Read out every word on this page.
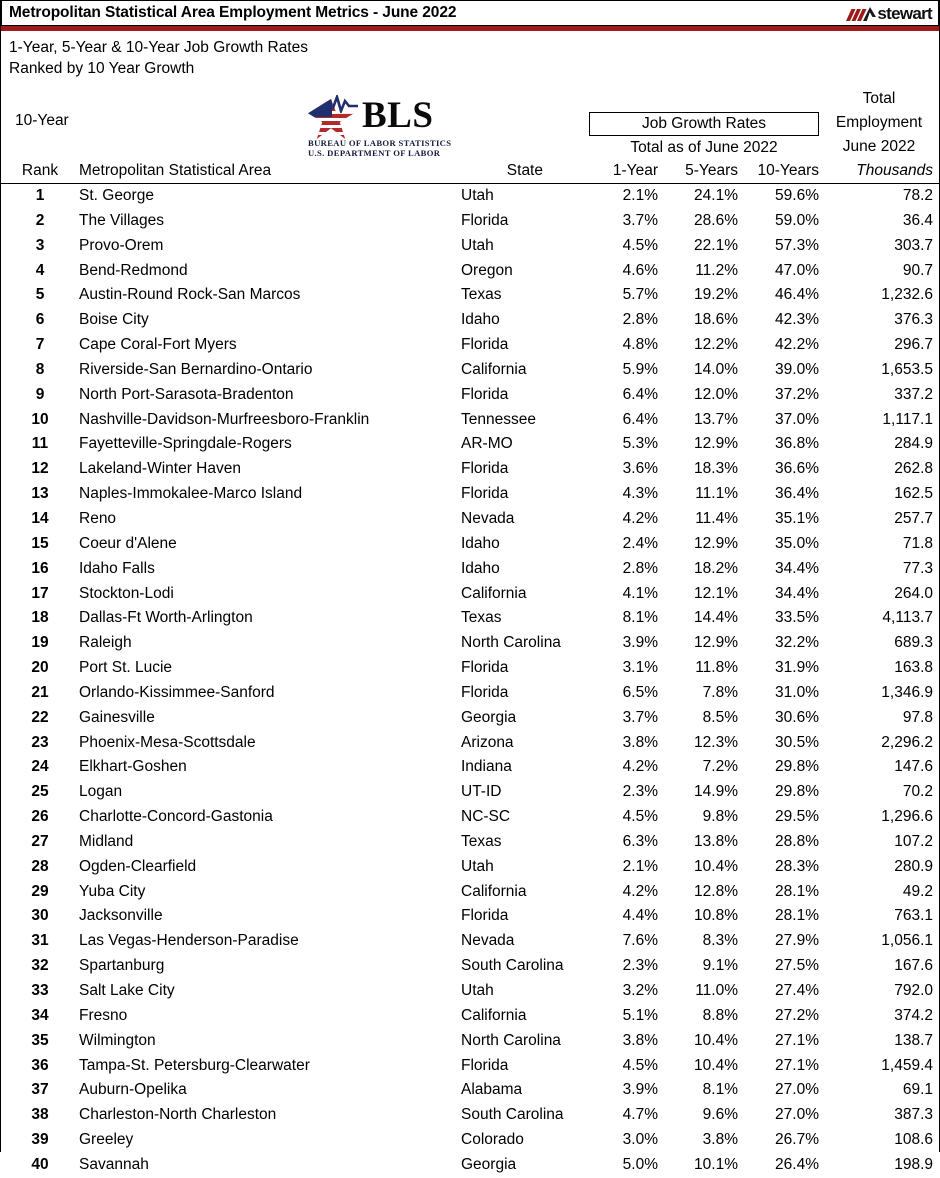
Metropolitan Statistical Area Employment Metrics - June 2022	stewart
1-Year, 5-Year & 10-Year Job Growth Rates
Ranked by 10 Year Growth
10-Year	BLS
BUREAU OF LABOR STATISTICS
U.S. DEPARTMENT OF LABOR
Job Growth Rates
Total as of June 2022
Total
Employment
June 2022
Rank	Metropolitan Statistical Area	State	1-Year	5-Years	10-Years	Thousands
1	St. George	Utah	2.1%	24.1%	59.6%	78.2
2	The Villages	Florida	3.7%	28.6%	59.0%	36.4
3	Provo-Orem	Utah	4.5%	22.1%	57.3%	303.7
4	Bend-Redmond	Oregon	4.6%	11.2%	47.0%	90.7
5	Austin-Round Rock-San Marcos	Texas	5.7%	19.2%	46.4%	1,232.6
6	Boise City	Idaho	2.8%	18.6%	42.3%	376.3
7	Cape Coral-Fort Myers	Florida	4.8%	12.2%	42.2%	296.7
8	Riverside-San Bernardino-Ontario	California	5.9%	14.0%	39.0%	1,653.5
9	North Port-Sarasota-Bradenton	Florida	6.4%	12.0%	37.2%	337.2
10	Nashville-Davidson-Murfreesboro-Franklin	Tennessee	6.4%	13.7%	37.0%	1,117.1
11	Fayetteville-Springdale-Rogers	AR-MO	5.3%	12.9%	36.8%	284.9
12	Lakeland-Winter Haven	Florida	3.6%	18.3%	36.6%	262.8
13	Naples-Immokalee-Marco Island	Florida	4.3%	11.1%	36.4%	162.5
14	Reno	Nevada	4.2%	11.4%	35.1%	257.7
15	Coeur d'Alene	Idaho	2.4%	12.9%	35.0%	71.8
16	Idaho Falls	Idaho	2.8%	18.2%	34.4%	77.3
17	Stockton-Lodi	California	4.1%	12.1%	34.4%	264.0
18	Dallas-Ft Worth-Arlington	Texas	8.1%	14.4%	33.5%	4,113.7
19	Raleigh	North Carolina	3.9%	12.9%	32.2%	689.3
20	Port St. Lucie	Florida	3.1%	11.8%	31.9%	163.8
21	Orlando-Kissimmee-Sanford	Florida	6.5%	7.8%	31.0%	1,346.9
22	Gainesville	Georgia	3.7%	8.5%	30.6%	97.8
23	Phoenix-Mesa-Scottsdale	Arizona	3.8%	12.3%	30.5%	2,296.2
24	Elkhart-Goshen	Indiana	4.2%	7.2%	29.8%	147.6
25	Logan	UT-ID	2.3%	14.9%	29.8%	70.2
26	Charlotte-Concord-Gastonia	NC-SC	4.5%	9.8%	29.5%	1,296.6
27	Midland	Texas	6.3%	13.8%	28.8%	107.2
28	Ogden-Clearfield	Utah	2.1%	10.4%	28.3%	280.9
29	Yuba City	California	4.2%	12.8%	28.1%	49.2
30	Jacksonville	Florida	4.4%	10.8%	28.1%	763.1
31	Las Vegas-Henderson-Paradise	Nevada	7.6%	8.3%	27.9%	1,056.1
32	Spartanburg	South Carolina	2.3%	9.1%	27.5%	167.6
33	Salt Lake City	Utah	3.2%	11.0%	27.4%	792.0
34	Fresno	California	5.1%	8.8%	27.2%	374.2
35	Wilmington	North Carolina	3.8%	10.4%	27.1%	138.7
36	Tampa-St. Petersburg-Clearwater	Florida	4.5%	10.4%	27.1%	1,459.4
37	Auburn-Opelika	Alabama	3.9%	8.1%	27.0%	69.1
38	Charleston-North Charleston	South Carolina	4.7%	9.6%	27.0%	387.3
39	Greeley	Colorado	3.0%	3.8%	26.7%	108.6
40	Savannah	Georgia	5.0%	10.1%	26.4%	198.9
